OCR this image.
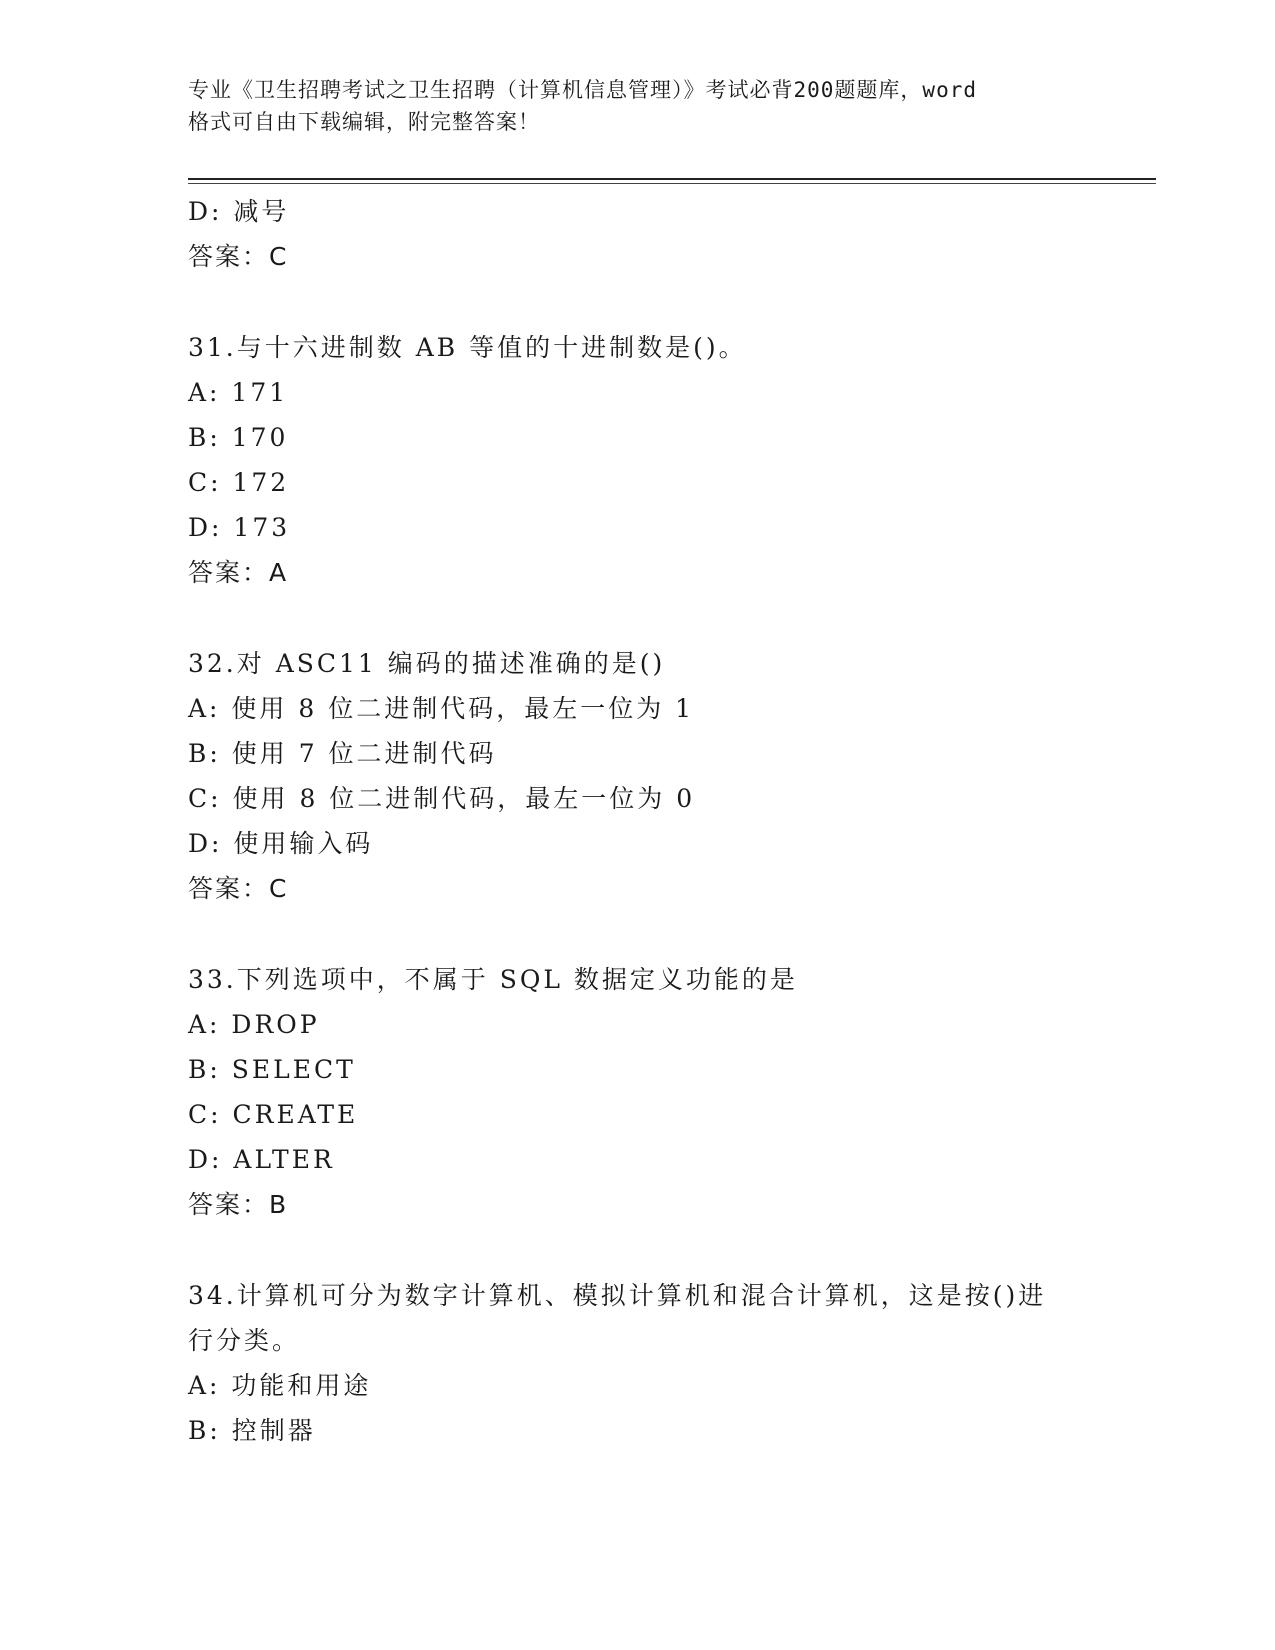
专业《卫生招聘考试之卫生招聘（计算机信息管理）》考试必背200题题库，word
格式可自由下载编辑，附完整答案！
D: 减号
答案：C
31.与十六进制数 AB 等值的十进制数是()。
A: 171
B: 170
C: 172
D: 173
答案：A
32.对 ASC11 编码的描述准确的是()
A: 使用 8 位二进制代码，最左一位为 1
B: 使用 7 位二进制代码
C: 使用 8 位二进制代码，最左一位为 0
D: 使用输入码
答案：C
33.下列选项中，不属于 SQL 数据定义功能的是
A: DROP
B: SELECT
C: CREATE
D: ALTER
答案：B
34.计算机可分为数字计算机、模拟计算机和混合计算机，这是按()进
行分类。
A: 功能和用途
B: 控制器
